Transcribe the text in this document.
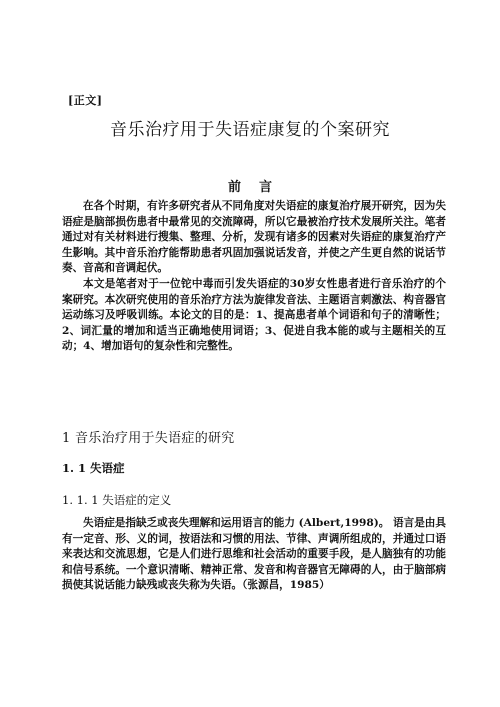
[正文]
音乐治疗用于失语症康复的个案研究
前言

在各个时期，有许多研究者从不同角度对失语症的康复治疗展开研究，因为失语症是脑部损伤患者中最常见的交流障碍，所以它最被治疗技术发展所关注。笔者通过对有关材料进行搜集、整理、分析，发现有诸多的因素对失语症的康复治疗产生影响。其中音乐治疗能帮助患者巩固加强说话发音，并使之产生更自然的说话节奏、音高和音调起伏。

本文是笔者对于一位铊中毒而引发失语症的30岁女性患者进行音乐治疗的个案研究。本次研究使用的音乐治疗方法为旋律发音法、主题语言刺激法、构音器官运动练习及呼吸训练。本论文的目的是：1、提高患者单个词语和句子的清晰性；2、词汇量的增加和适当正确地使用词语；3、促进自我本能的或与主题相关的互动；4、增加语句的复杂性和完整性。

1 音乐治疗用于失语症的研究
1. 1 失语症
1. 1. 1 失语症的定义

失语症是指缺乏或丧失理解和运用语言的能力 (Albert,1998)。 语言是由具有一定音、形、义的词，按语法和习惯的用法、节律、声调所组成的，并通过口语来表达和交流思想，它是人们进行思维和社会活动的重要手段，是人脑独有的功能和信号系统。一个意识清晰、精神正常、发音和构音器官无障碍的人，由于脑部病损使其说话能力缺残或丧失称为失语。（张源昌，1985）
